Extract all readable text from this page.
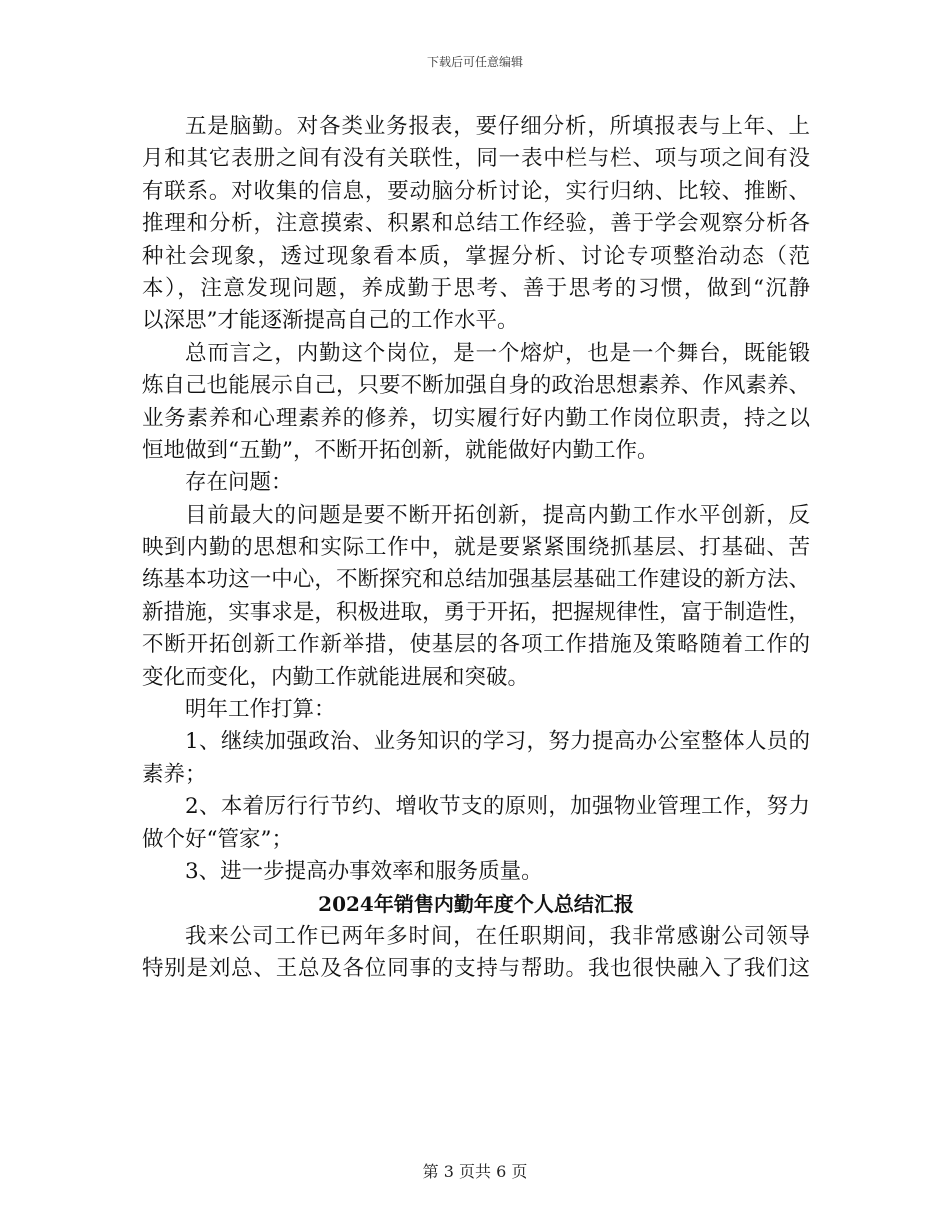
下载后可任意编辑
五是脑勤。对各类业务报表，要仔细分析，所填报表与上年、上
月和其它表册之间有没有关联性，同一表中栏与栏、项与项之间有没
有联系。对收集的信息，要动脑分析讨论，实行归纳、比较、推断、
推理和分析，注意摸索、积累和总结工作经验，善于学会观察分析各
种社会现象，透过现象看本质，掌握分析、讨论专项整治动态（范
本），注意发现问题，养成勤于思考、善于思考的习惯，做到“沉静
以深思”才能逐渐提高自己的工作水平。
总而言之，内勤这个岗位，是一个熔炉，也是一个舞台，既能锻
炼自己也能展示自己，只要不断加强自身的政治思想素养、作风素养、
业务素养和心理素养的修养，切实履行好内勤工作岗位职责，持之以
恒地做到“五勤”，不断开拓创新，就能做好内勤工作。
存在问题：
目前最大的问题是要不断开拓创新，提高内勤工作水平创新，反
映到内勤的思想和实际工作中，就是要紧紧围绕抓基层、打基础、苦
练基本功这一中心，不断探究和总结加强基层基础工作建设的新方法、
新措施，实事求是，积极进取，勇于开拓，把握规律性，富于制造性，
不断开拓创新工作新举措，使基层的各项工作措施及策略随着工作的
变化而变化，内勤工作就能进展和突破。
明年工作打算：
1、继续加强政治、业务知识的学习，努力提高办公室整体人员的
素养；
2、本着厉行行节约、增收节支的原则，加强物业管理工作，努力
做个好“管家”；
3、进一步提高办事效率和服务质量。
2024年销售内勤年度个人总结汇报
我来公司工作已两年多时间，在任职期间，我非常感谢公司领导
特别是刘总、王总及各位同事的支持与帮助。我也很快融入了我们这
第 3 页共 6 页
